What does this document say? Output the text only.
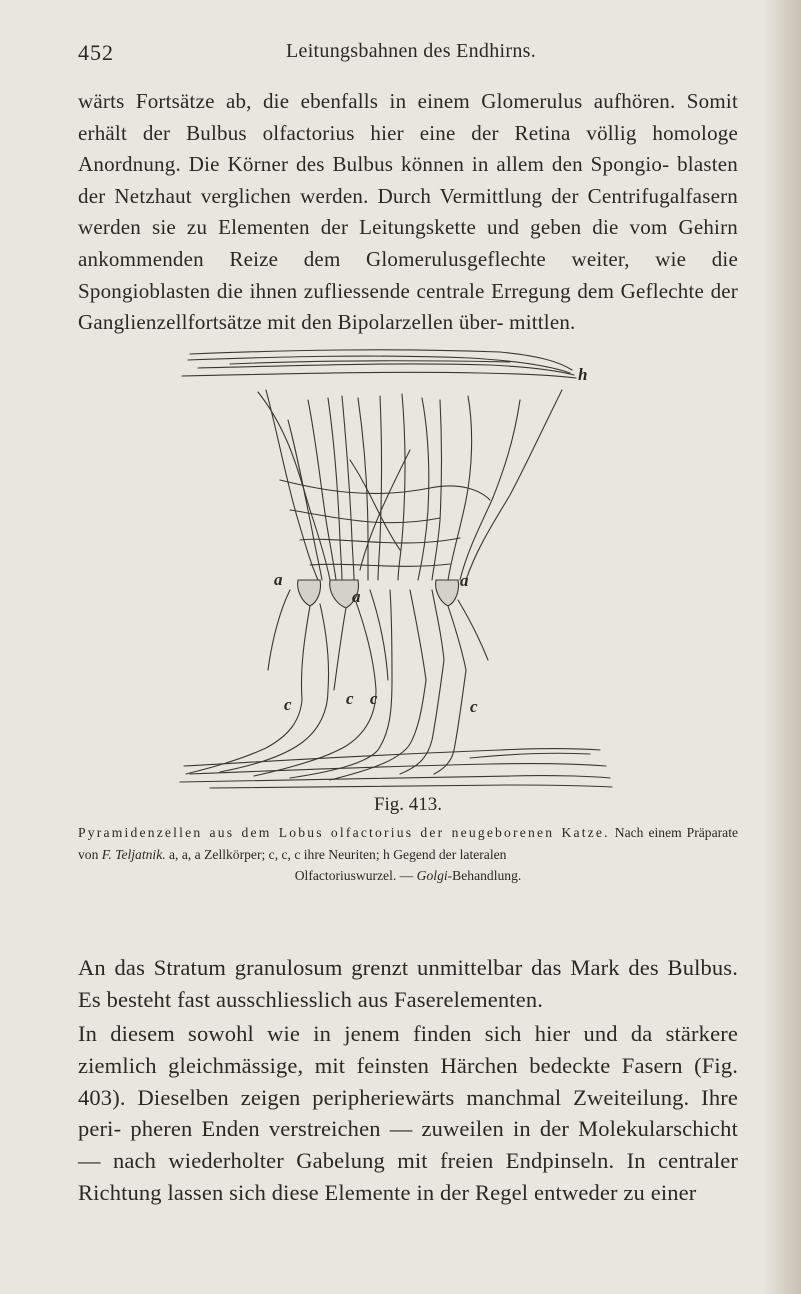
452	Leitungsbahnen des Endhirns.

wärts Fortsätze ab, die ebenfalls in einem Glomerulus aufhören. Somit erhält der Bulbus olfactorius hier eine der Retina völlig homologe Anordnung. Die Körner des Bulbus können in allem den Spongio- blasten der Netzhaut verglichen werden. Durch Vermittlung der Centrifugalfasern werden sie zu Elementen der Leitungskette und geben die vom Gehirn ankommenden Reize dem Glomerulusgeflechte weiter, wie die Spongioblasten die ihnen zufliessende centrale Erregung dem Geflechte der Ganglienzellfortsätze mit den Bipolarzellen über- mittlen.

h
a
a
a
c	c c	c
Fig. 413.

Pyramidenzellen aus dem Lobus olfactorius der neugeborenen Katze. Nach einem Präparate von F. Teljatnik. a, a, a Zellkörper; c, c, c ihre Neuriten; h Gegend der lateralen
Olfactoriuswurzel. — Golgi-Behandlung.

An das Stratum granulosum grenzt unmittelbar das Mark des Bulbus. Es besteht fast ausschliesslich aus Faserelementen.

In diesem sowohl wie in jenem finden sich hier und da stärkere ziemlich gleichmässige, mit feinsten Härchen bedeckte Fasern (Fig. 403). Dieselben zeigen peripheriewärts manchmal Zweiteilung. Ihre peri- pheren Enden verstreichen — zuweilen in der Molekularschicht — nach wiederholter Gabelung mit freien Endpinseln. In centraler Richtung lassen sich diese Elemente in der Regel entweder zu einer
